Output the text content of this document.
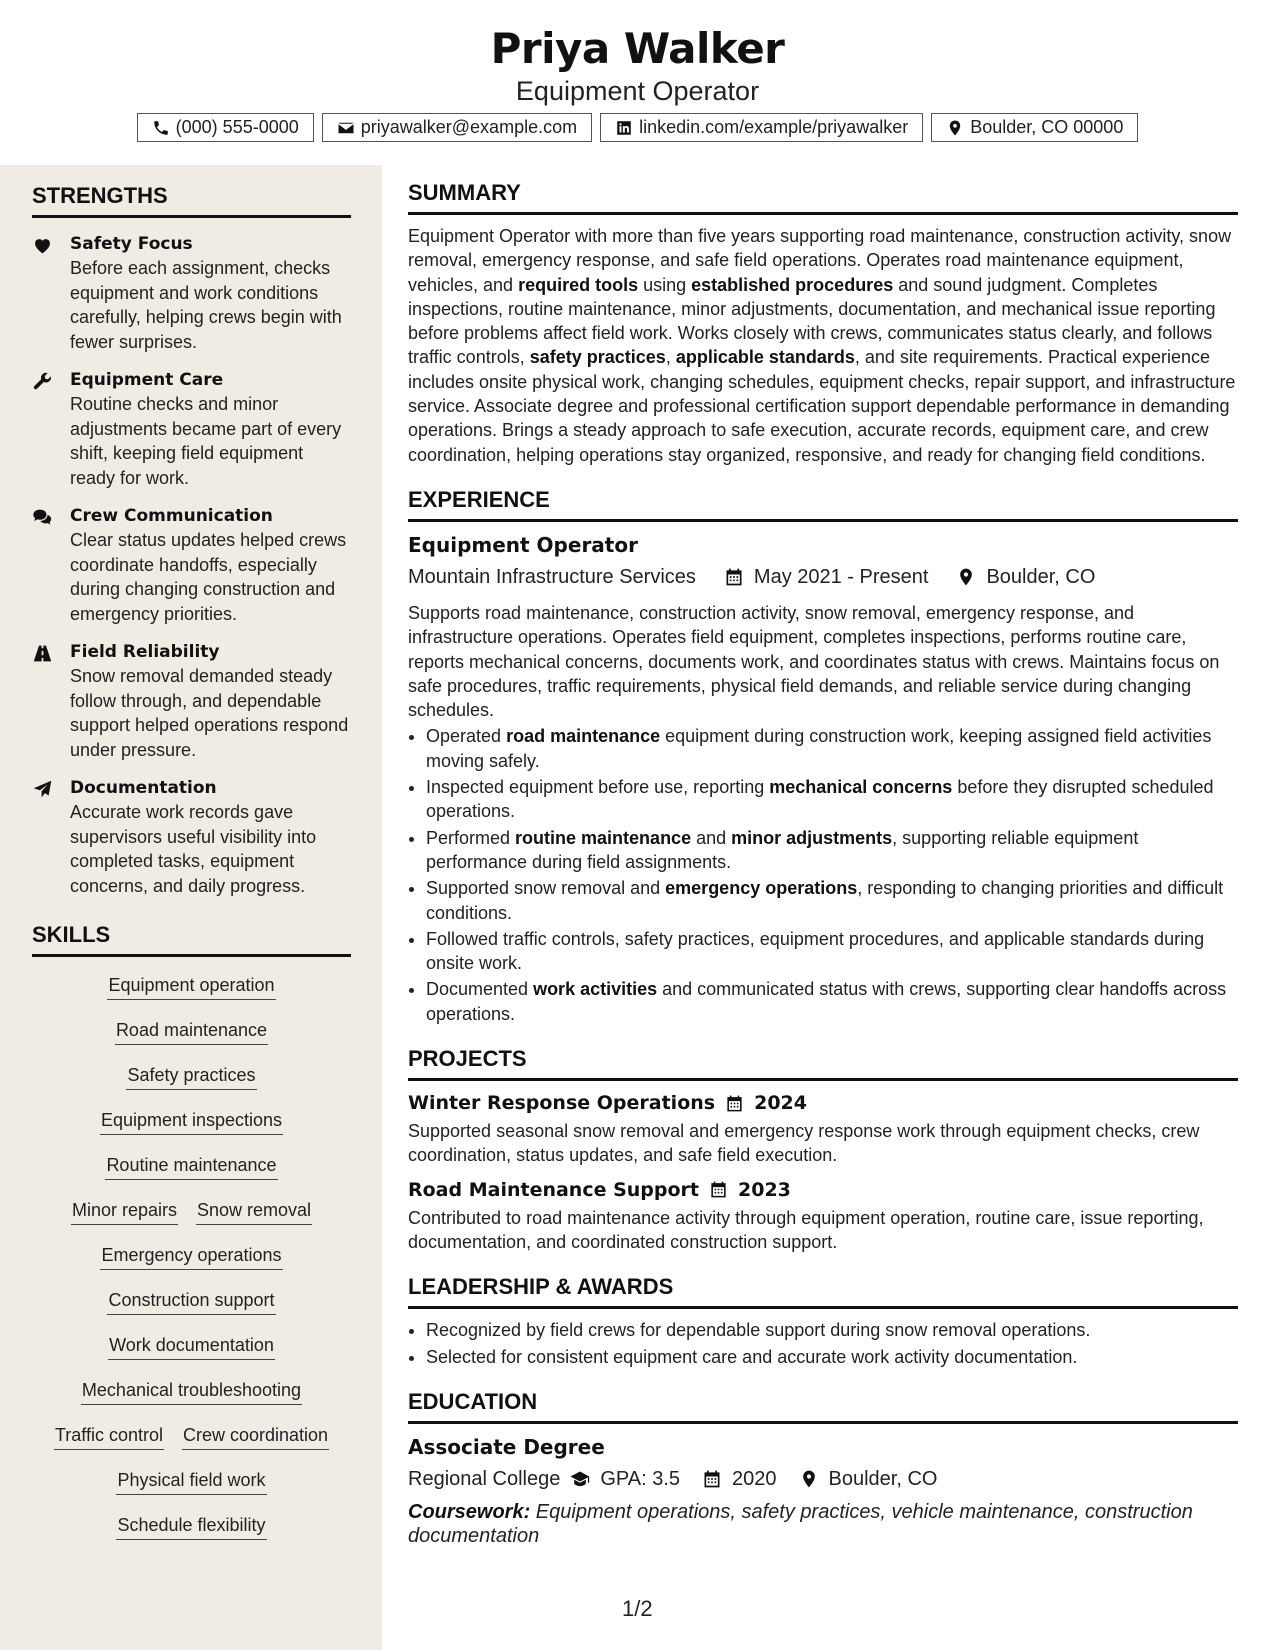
Priya Walker
Equipment Operator
(000) 555-0000	priyawalker@example.com	linkedin.com/example/priyawalker	Boulder, CO 00000
STRENGTHS
Safety Focus
Before each assignment, checks equipment and work conditions carefully, helping crews begin with fewer surprises.
Equipment Care
Routine checks and minor adjustments became part of every shift, keeping field equipment ready for work.
Crew Communication
Clear status updates helped crews coordinate handoffs, especially during changing construction and emergency priorities.
Field Reliability
Snow removal demanded steady follow through, and dependable support helped operations respond under pressure.
Documentation
Accurate work records gave supervisors useful visibility into completed tasks, equipment concerns, and daily progress.
SKILLS
Equipment operation
Road maintenance
Safety practices
Equipment inspections
Routine maintenance
Minor repairs Snow removal
Emergency operations
Construction support
Work documentation
Mechanical troubleshooting
Traffic control Crew coordination
Physical field work
Schedule flexibility
SUMMARY
Equipment Operator with more than five years supporting road maintenance, construction activity, snow removal, emergency response, and safe field operations. Operates road maintenance equipment, vehicles, and required tools using established procedures and sound judgment. Completes inspections, routine maintenance, minor adjustments, documentation, and mechanical issue reporting before problems affect field work. Works closely with crews, communicates status clearly, and follows traffic controls, safety practices, applicable standards, and site requirements. Practical experience includes onsite physical work, changing schedules, equipment checks, repair support, and infrastructure service. Associate degree and professional certification support dependable performance in demanding operations. Brings a steady approach to safe execution, accurate records, equipment care, and crew coordination, helping operations stay organized, responsive, and ready for changing field conditions.
EXPERIENCE
Equipment Operator
Mountain Infrastructure Services	May 2021 - Present	Boulder, CO
Supports road maintenance, construction activity, snow removal, emergency response, and infrastructure operations. Operates field equipment, completes inspections, performs routine care, reports mechanical concerns, documents work, and coordinates status with crews. Maintains focus on safe procedures, traffic requirements, physical field demands, and reliable service during changing schedules.
• Operated road maintenance equipment during construction work, keeping assigned field activities moving safely.
• Inspected equipment before use, reporting mechanical concerns before they disrupted scheduled operations.
• Performed routine maintenance and minor adjustments, supporting reliable equipment performance during field assignments.
• Supported snow removal and emergency operations, responding to changing priorities and difficult conditions.
• Followed traffic controls, safety practices, equipment procedures, and applicable standards during onsite work.
• Documented work activities and communicated status with crews, supporting clear handoffs across operations.
PROJECTS
Winter Response Operations 2024
Supported seasonal snow removal and emergency response work through equipment checks, crew coordination, status updates, and safe field execution.
Road Maintenance Support 2023
Contributed to road maintenance activity through equipment operation, routine care, issue reporting, documentation, and coordinated construction support.
LEADERSHIP & AWARDS
• Recognized by field crews for dependable support during snow removal operations.
• Selected for consistent equipment care and accurate work activity documentation.
EDUCATION
Associate Degree
Regional College GPA: 3.5	2020	Boulder, CO
Coursework: Equipment operations, safety practices, vehicle maintenance, construction documentation
1/2
